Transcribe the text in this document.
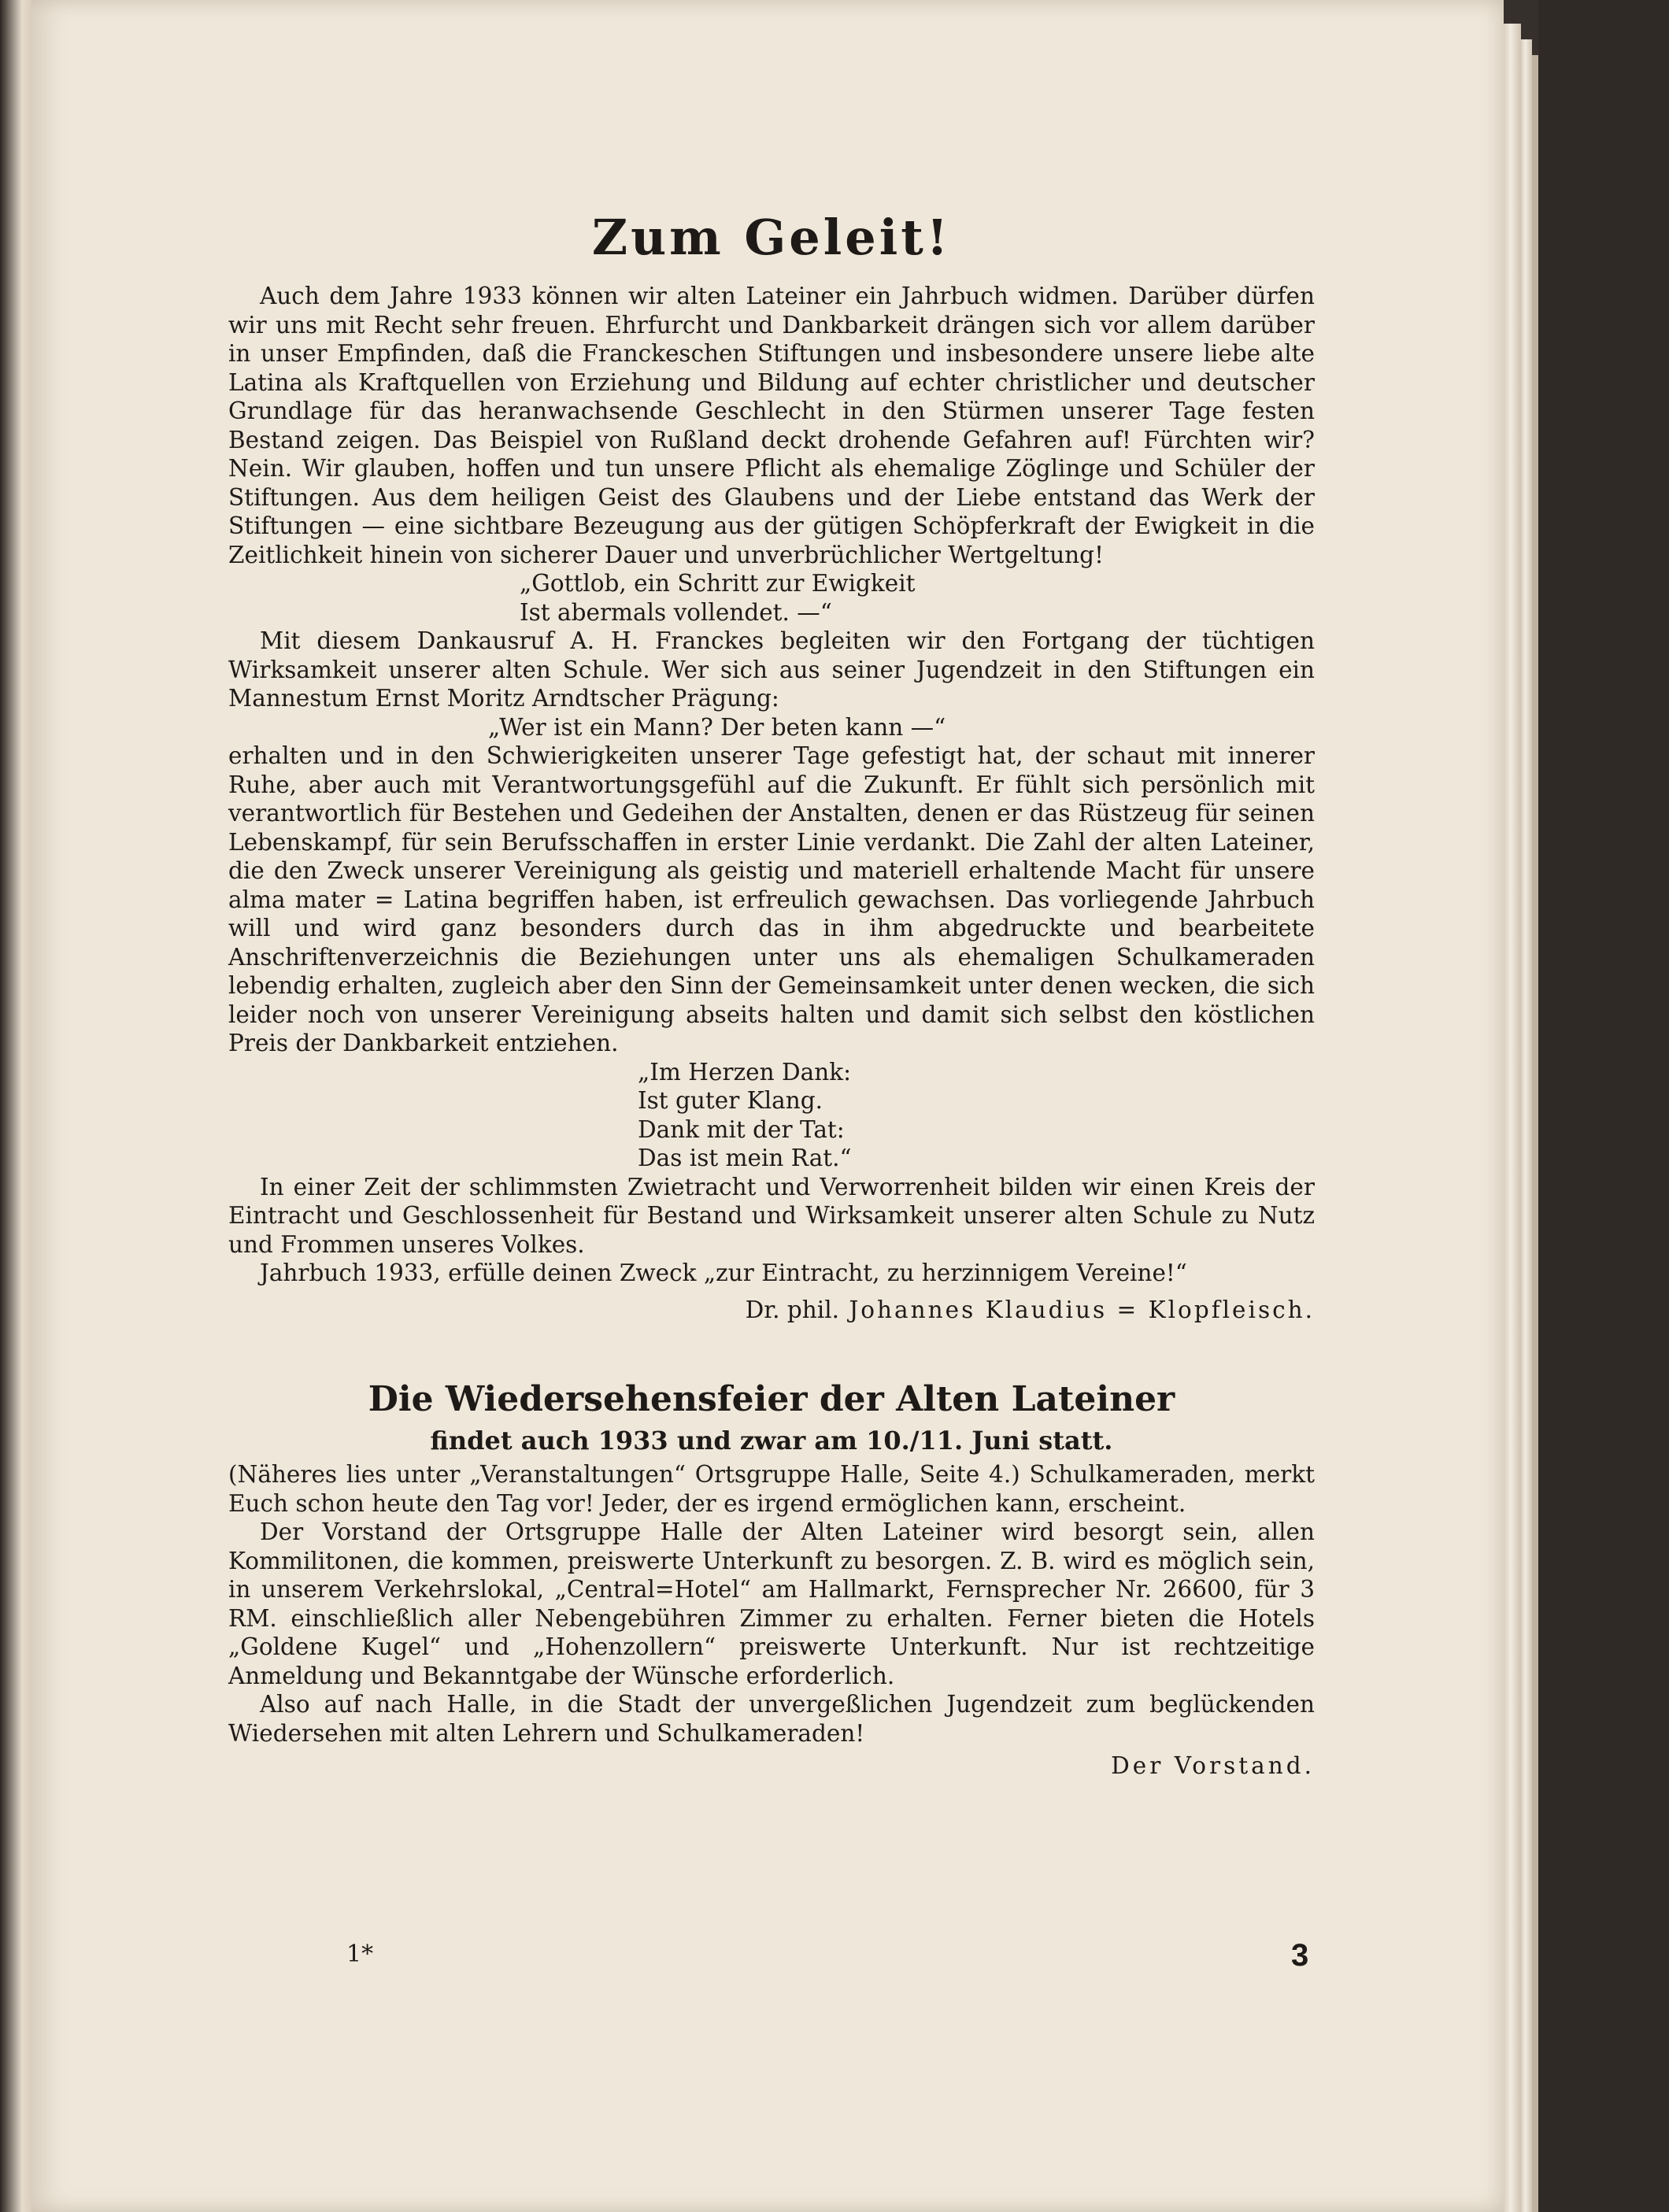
Zum Geleit!

Auch dem Jahre 1933 können wir alten Lateiner ein Jahrbuch widmen. Darüber dürfen wir uns mit Recht sehr freuen. Ehrfurcht und Dankbarkeit drängen sich vor allem darüber in unser Empfinden, daß die Franckeschen Stiftungen und insbesondere unsere liebe alte Latina als Kraftquellen von Erziehung und Bildung auf echter christlicher und deutscher Grundlage für das heranwachsende Geschlecht in den Stürmen unserer Tage festen Bestand zeigen. Das Beispiel von Rußland deckt drohende Gefahren auf! Fürchten wir? Nein. Wir glauben, hoffen und tun unsere Pflicht als ehemalige Zöglinge und Schüler der Stiftungen. Aus dem heiligen Geist des Glaubens und der Liebe entstand das Werk der Stiftungen — eine sichtbare Bezeugung aus der gütigen Schöpferkraft der Ewigkeit in die Zeitlichkeit hinein von sicherer Dauer und unverbrüchlicher Wertgeltung!

„Gottlob, ein Schritt zur Ewigkeit

Ist abermals vollendet. —“

Mit diesem Dankausruf A. H. Franckes begleiten wir den Fortgang der tüchtigen Wirksamkeit unserer alten Schule. Wer sich aus seiner Jugendzeit in den Stiftungen ein Mannestum Ernst Moritz Arndtscher Prägung:

„Wer ist ein Mann? Der beten kann —“

erhalten und in den Schwierigkeiten unserer Tage gefestigt hat, der schaut mit innerer Ruhe, aber auch mit Verantwortungsgefühl auf die Zukunft. Er fühlt sich persönlich mit verantwortlich für Bestehen und Gedeihen der Anstalten, denen er das Rüstzeug für seinen Lebenskampf, für sein Berufsschaffen in erster Linie verdankt. Die Zahl der alten Lateiner, die den Zweck unserer Vereinigung als geistig und materiell erhaltende Macht für unsere alma mater = Latina begriffen haben, ist erfreulich gewachsen. Das vorliegende Jahrbuch will und wird ganz besonders durch das in ihm abgedruckte und bearbeitete Anschriftenverzeichnis die Beziehungen unter uns als ehemaligen Schulkameraden lebendig erhalten, zugleich aber den Sinn der Gemeinsamkeit unter denen wecken, die sich leider noch von unserer Vereinigung abseits halten und damit sich selbst den köstlichen Preis der Dankbarkeit entziehen.

„Im Herzen Dank:

Ist guter Klang.

Dank mit der Tat:

Das ist mein Rat.“

In einer Zeit der schlimmsten Zwietracht und Verworrenheit bilden wir einen Kreis der Eintracht und Geschlossenheit für Bestand und Wirksamkeit unserer alten Schule zu Nutz und Frommen unseres Volkes.

Jahrbuch 1933, erfülle deinen Zweck „zur Eintracht, zu herzinnigem Vereine!“

Dr. phil. Johannes Klaudius = Klopfleisch.

Die Wiedersehensfeier der Alten Lateiner
findet auch 1933 und zwar am 10./11. Juni statt.

(Näheres lies unter „Veranstaltungen“ Ortsgruppe Halle, Seite 4.) Schulkameraden, merkt Euch schon heute den Tag vor! Jeder, der es irgend ermöglichen kann, erscheint.

Der Vorstand der Ortsgruppe Halle der Alten Lateiner wird besorgt sein, allen Kommilitonen, die kommen, preiswerte Unterkunft zu besorgen. Z. B. wird es möglich sein, in unserem Verkehrslokal, „Central=Hotel“ am Hallmarkt, Fernsprecher Nr. 26600, für 3 RM. einschließlich aller Nebengebühren Zimmer zu erhalten. Ferner bieten die Hotels „Goldene Kugel“ und „Hohenzollern“ preiswerte Unterkunft. Nur ist rechtzeitige Anmeldung und Bekanntgabe der Wünsche erforderlich.

Also auf nach Halle, in die Stadt der unvergeßlichen Jugendzeit zum beglückenden Wiedersehen mit alten Lehrern und Schulkameraden!

Der Vorstand.

1*	3
